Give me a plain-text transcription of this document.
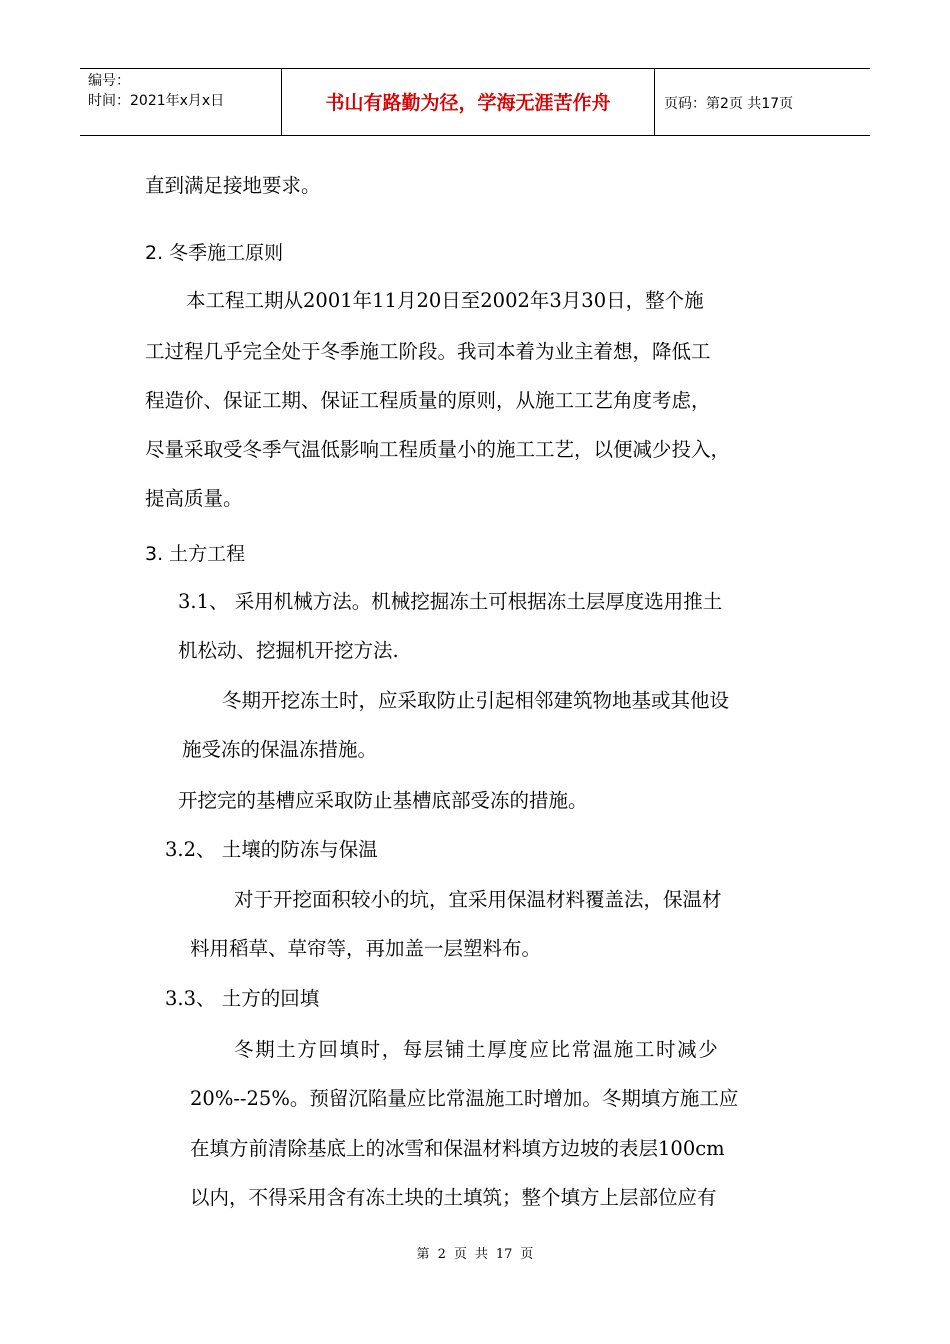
编号：
时间：2021年x月x日	书山有路勤为径，学海无涯苦作舟	页码：第2页 共17页
直到满足接地要求。
2. 冬季施工原则
本工程工期从2001年11月20日至2002年3月30日，整个施
工过程几乎完全处于冬季施工阶段。我司本着为业主着想，降低工
程造价、保证工期、保证工程质量的原则，从施工工艺角度考虑，
尽量采取受冬季气温低影响工程质量小的施工工艺，以便减少投入，
提高质量。
3. 土方工程
3.1、 采用机械方法。机械挖掘冻土可根据冻土层厚度选用推土
机松动、挖掘机开挖方法.
冬期开挖冻土时，应采取防止引起相邻建筑物地基或其他设
施受冻的保温冻措施。
开挖完的基槽应采取防止基槽底部受冻的措施。
3.2、 土壤的防冻与保温
对于开挖面积较小的坑，宜采用保温材料覆盖法，保温材
料用稻草、草帘等，再加盖一层塑料布。
3.3、 土方的回填
冬期土方回填时，每层铺土厚度应比常温施工时减少
20%--25%。预留沉陷量应比常温施工时增加。冬期填方施工应
在填方前清除基底上的冰雪和保温材料填方边坡的表层100cm
以内，不得采用含有冻土块的土填筑；整个填方上层部位应有
第 2 页 共 17 页
